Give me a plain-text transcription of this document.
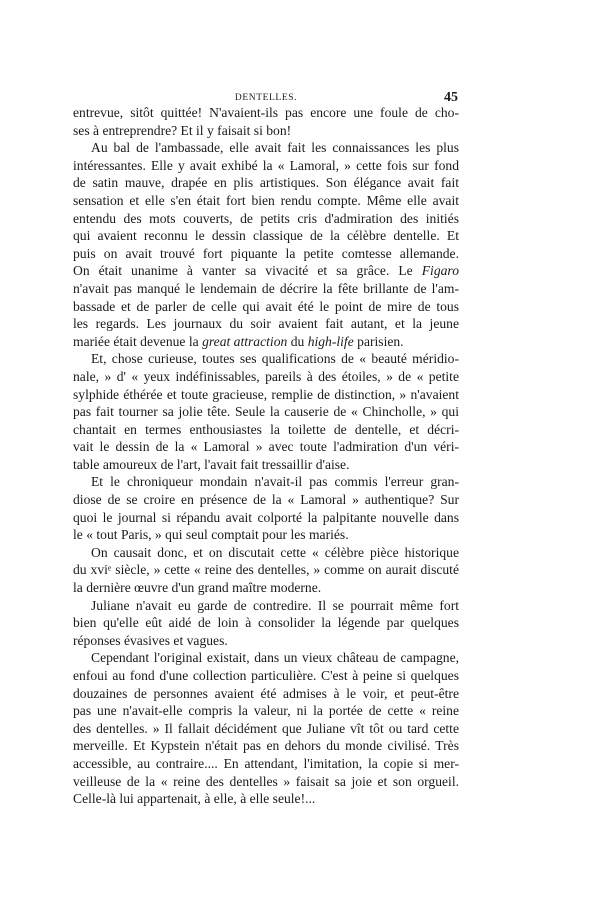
DENTELLES.	45
entrevue, sitôt quittée! N'avaient-ils pas encore une foule de cho-
ses à entreprendre? Et il y faisait si bon!
Au bal de l'ambassade, elle avait fait les connaissances les plus
intéressantes. Elle y avait exhibé la « Lamoral, » cette fois sur fond
de satin mauve, drapée en plis artistiques. Son élégance avait fait
sensation et elle s'en était fort bien rendu compte. Même elle avait
entendu des mots couverts, de petits cris d'admiration des initiés
qui avaient reconnu le dessin classique de la célèbre dentelle. Et
puis on avait trouvé fort piquante la petite comtesse allemande.
On était unanime à vanter sa vivacité et sa grâce. Le Figaro
n'avait pas manqué le lendemain de décrire la fête brillante de l'am-
bassade et de parler de celle qui avait été le point de mire de tous
les regards. Les journaux du soir avaient fait autant, et la jeune
mariée était devenue la great attraction du high-life parisien.
Et, chose curieuse, toutes ses qualifications de « beauté méridio-
nale, » d' « yeux indéfinissables, pareils à des étoiles, » de « petite
sylphide éthérée et toute gracieuse, remplie de distinction, » n'avaient
pas fait tourner sa jolie tête. Seule la causerie de « Chincholle, » qui
chantait en termes enthousiastes la toilette de dentelle, et décri-
vait le dessin de la « Lamoral » avec toute l'admiration d'un véri-
table amoureux de l'art, l'avait fait tressaillir d'aise.
Et le chroniqueur mondain n'avait-il pas commis l'erreur gran-
diose de se croire en présence de la « Lamoral » authentique? Sur
quoi le journal si répandu avait colporté la palpitante nouvelle dans
le « tout Paris, » qui seul comptait pour les mariés.
On causait donc, et on discutait cette « célèbre pièce historique
du xviᵉ siècle, » cette « reine des dentelles, » comme on aurait discuté
la dernière œuvre d'un grand maître moderne.
Juliane n'avait eu garde de contredire. Il se pourrait même fort
bien qu'elle eût aidé de loin à consolider la légende par quelques
réponses évasives et vagues.
Cependant l'original existait, dans un vieux château de campagne,
enfoui au fond d'une collection particulière. C'est à peine si quelques
douzaines de personnes avaient été admises à le voir, et peut-être
pas une n'avait-elle compris la valeur, ni la portée de cette « reine
des dentelles. » Il fallait décidément que Juliane vît tôt ou tard cette
merveille. Et Kypstein n'était pas en dehors du monde civilisé. Très
accessible, au contraire.... En attendant, l'imitation, la copie si mer-
veilleuse de la « reine des dentelles » faisait sa joie et son orgueil.
Celle-là lui appartenait, à elle, à elle seule!...
